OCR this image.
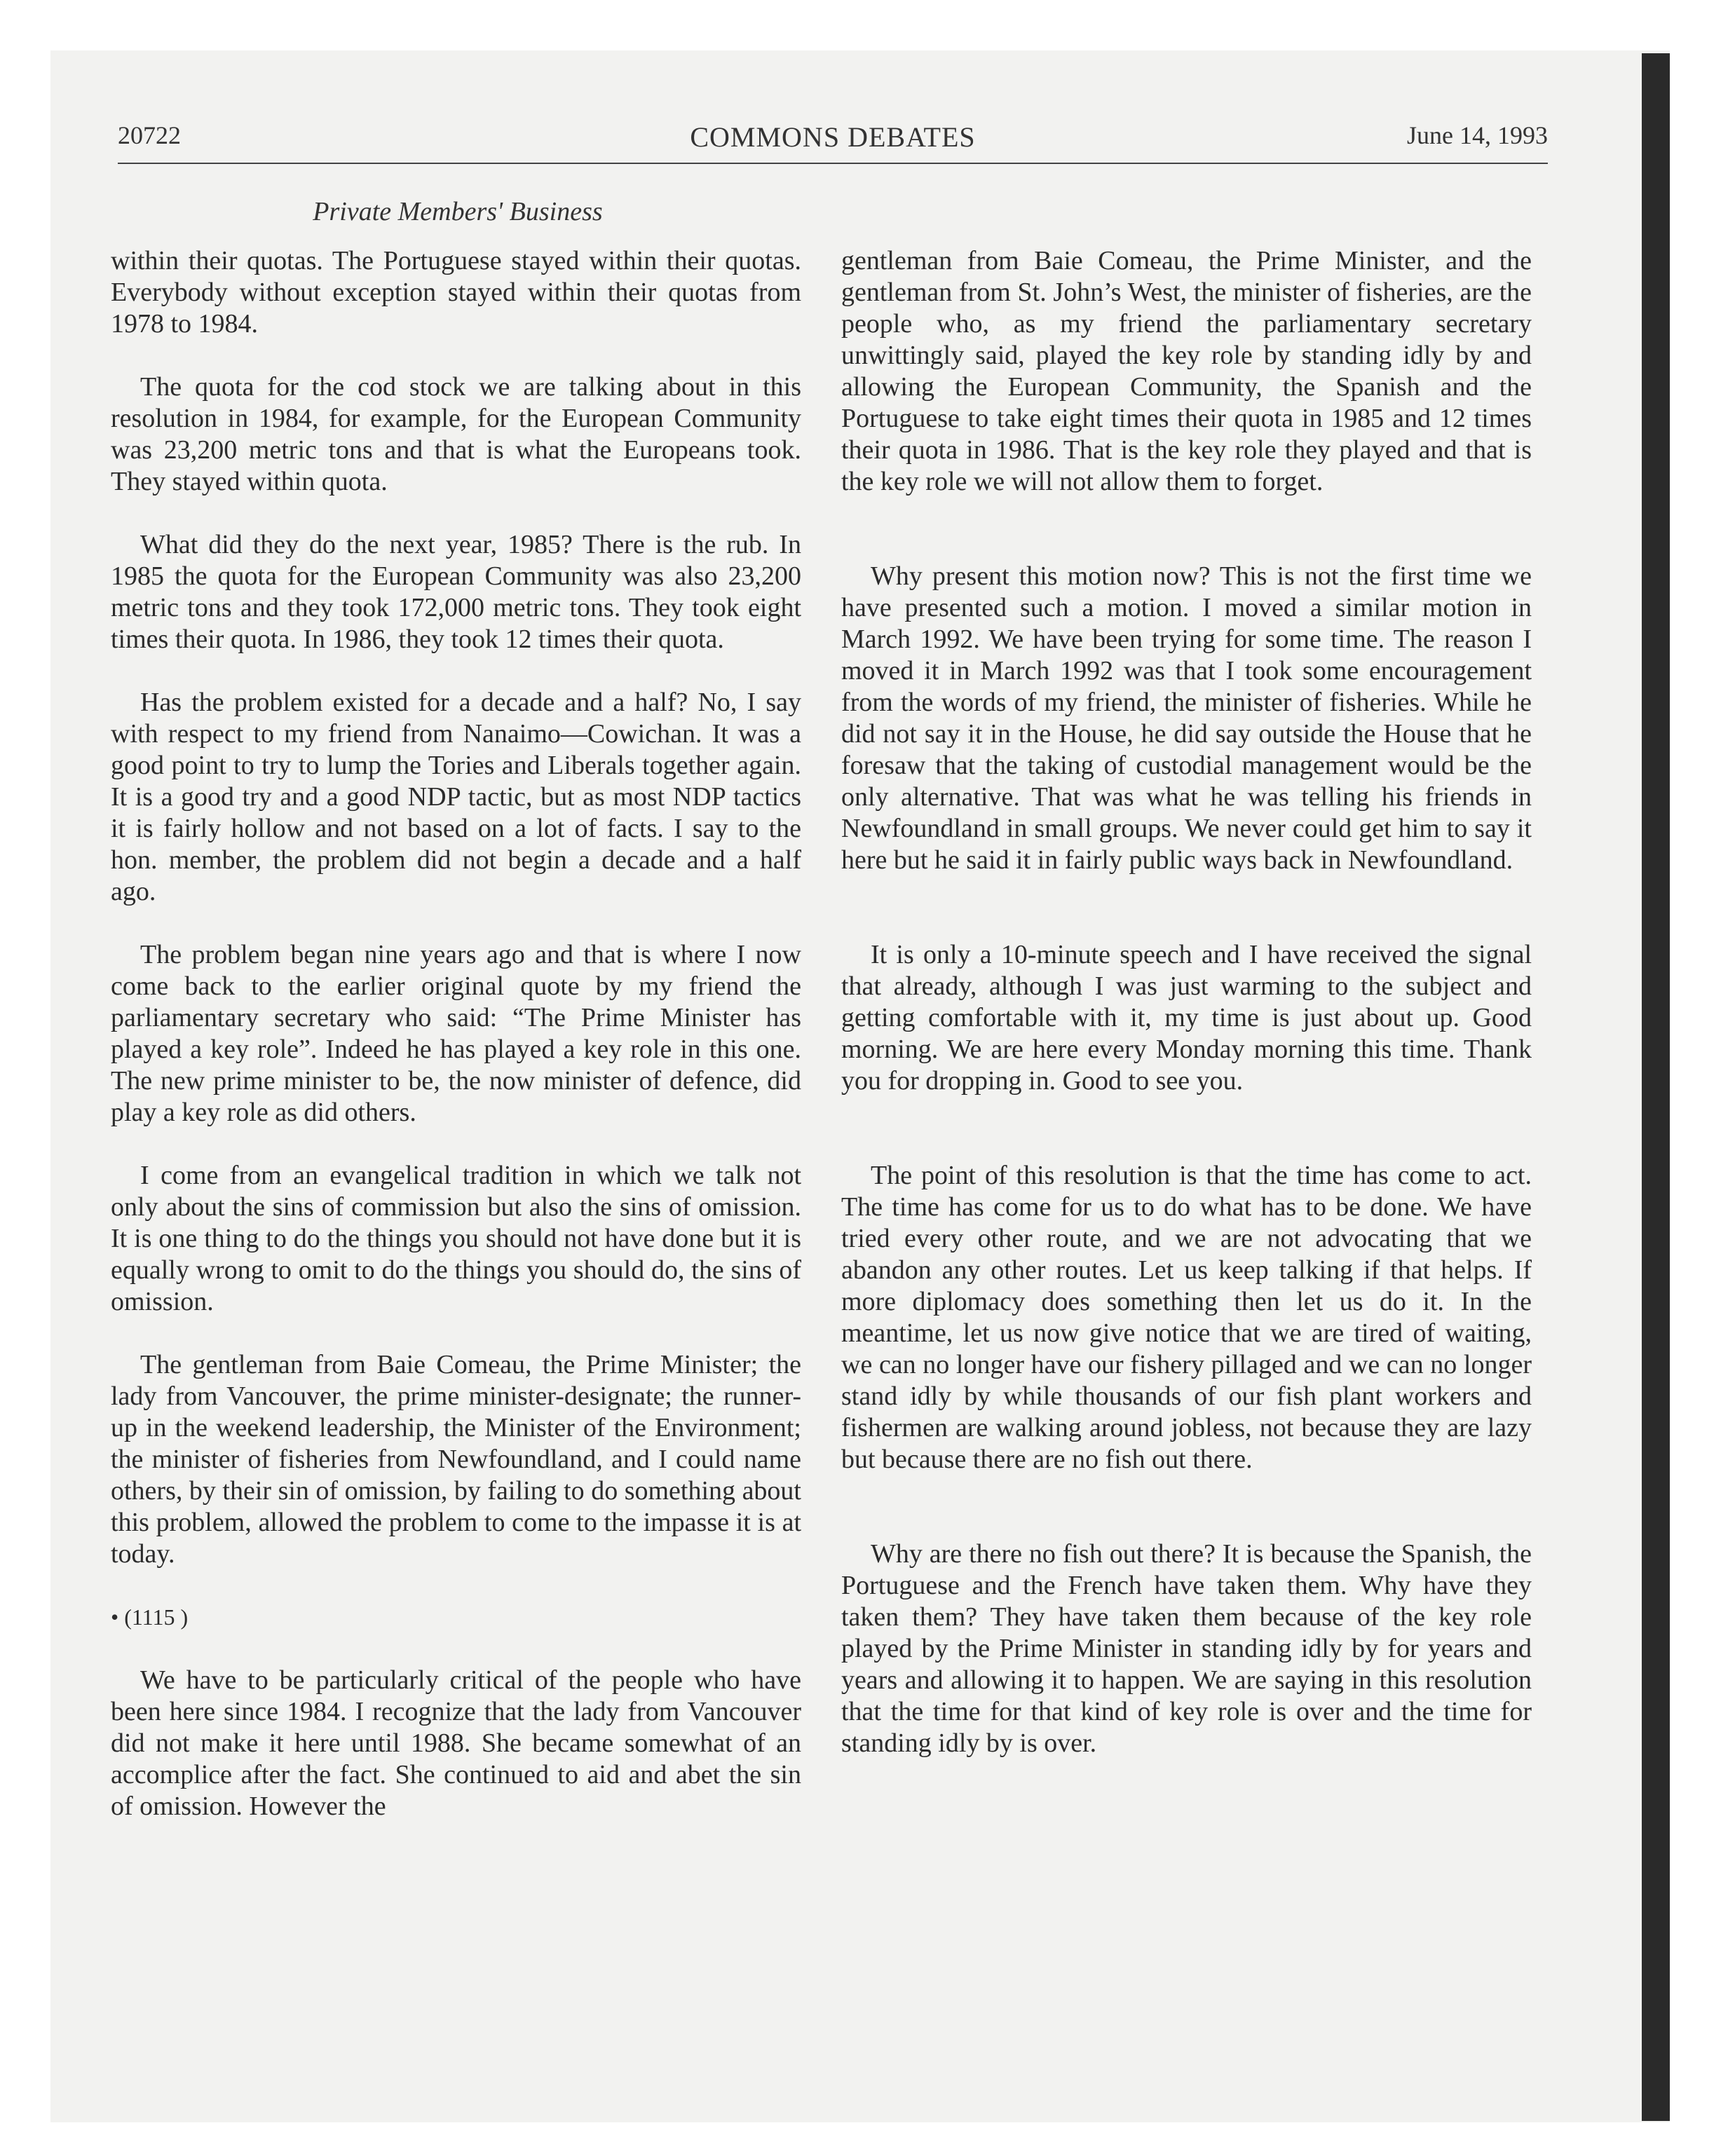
20722	COMMONS DEBATES	June 14, 1993
Private Members' Business

within their quotas. The Portuguese stayed within their quotas. Everybody without exception stayed within their quotas from 1978 to 1984.

The quota for the cod stock we are talking about in this resolution in 1984, for example, for the European Community was 23,200 metric tons and that is what the Europeans took. They stayed within quota.

What did they do the next year, 1985? There is the rub. In 1985 the quota for the European Community was also 23,200 metric tons and they took 172,000 metric tons. They took eight times their quota. In 1986, they took 12 times their quota.

Has the problem existed for a decade and a half? No, I say with respect to my friend from Nanaimo—Cowichan. It was a good point to try to lump the Tories and Liberals together again. It is a good try and a good NDP tactic, but as most NDP tactics it is fairly hollow and not based on a lot of facts. I say to the hon. member, the problem did not begin a decade and a half ago.

The problem began nine years ago and that is where I now come back to the earlier original quote by my friend the parliamentary secretary who said: “The Prime Minister has played a key role”. Indeed he has played a key role in this one. The new prime minister to be, the now minister of defence, did play a key role as did others.

I come from an evangelical tradition in which we talk not only about the sins of commission but also the sins of omission. It is one thing to do the things you should not have done but it is equally wrong to omit to do the things you should do, the sins of omission.

The gentleman from Baie Comeau, the Prime Minister; the lady from Vancouver, the prime minister-designate; the runner-up in the weekend leadership, the Minister of the Environment; the minister of fisheries from Newfoundland, and I could name others, by their sin of omission, by failing to do something about this problem, allowed the problem to come to the impasse it is at today.

• (1115 )

We have to be particularly critical of the people who have been here since 1984. I recognize that the lady from Vancouver did not make it here until 1988. She became somewhat of an accomplice after the fact. She continued to aid and abet the sin of omission. However the

gentleman from Baie Comeau, the Prime Minister, and the gentleman from St. John’s West, the minister of fisheries, are the people who, as my friend the parliamentary secretary unwittingly said, played the key role by standing idly by and allowing the European Community, the Spanish and the Portuguese to take eight times their quota in 1985 and 12 times their quota in 1986. That is the key role they played and that is the key role we will not allow them to forget.

Why present this motion now? This is not the first time we have presented such a motion. I moved a similar motion in March 1992. We have been trying for some time. The reason I moved it in March 1992 was that I took some encouragement from the words of my friend, the minister of fisheries. While he did not say it in the House, he did say outside the House that he foresaw that the taking of custodial management would be the only alternative. That was what he was telling his friends in Newfoundland in small groups. We never could get him to say it here but he said it in fairly public ways back in Newfoundland.

It is only a 10-minute speech and I have received the signal that already, although I was just warming to the subject and getting comfortable with it, my time is just about up. Good morning. We are here every Monday morning this time. Thank you for dropping in. Good to see you.

The point of this resolution is that the time has come to act. The time has come for us to do what has to be done. We have tried every other route, and we are not advocating that we abandon any other routes. Let us keep talking if that helps. If more diplomacy does something then let us do it. In the meantime, let us now give notice that we are tired of waiting, we can no longer have our fishery pillaged and we can no longer stand idly by while thousands of our fish plant workers and fishermen are walking around jobless, not because they are lazy but because there are no fish out there.

Why are there no fish out there? It is because the Spanish, the Portuguese and the French have taken them. Why have they taken them? They have taken them because of the key role played by the Prime Minister in standing idly by for years and years and allowing it to happen. We are saying in this resolution that the time for that kind of key role is over and the time for standing idly by is over.
